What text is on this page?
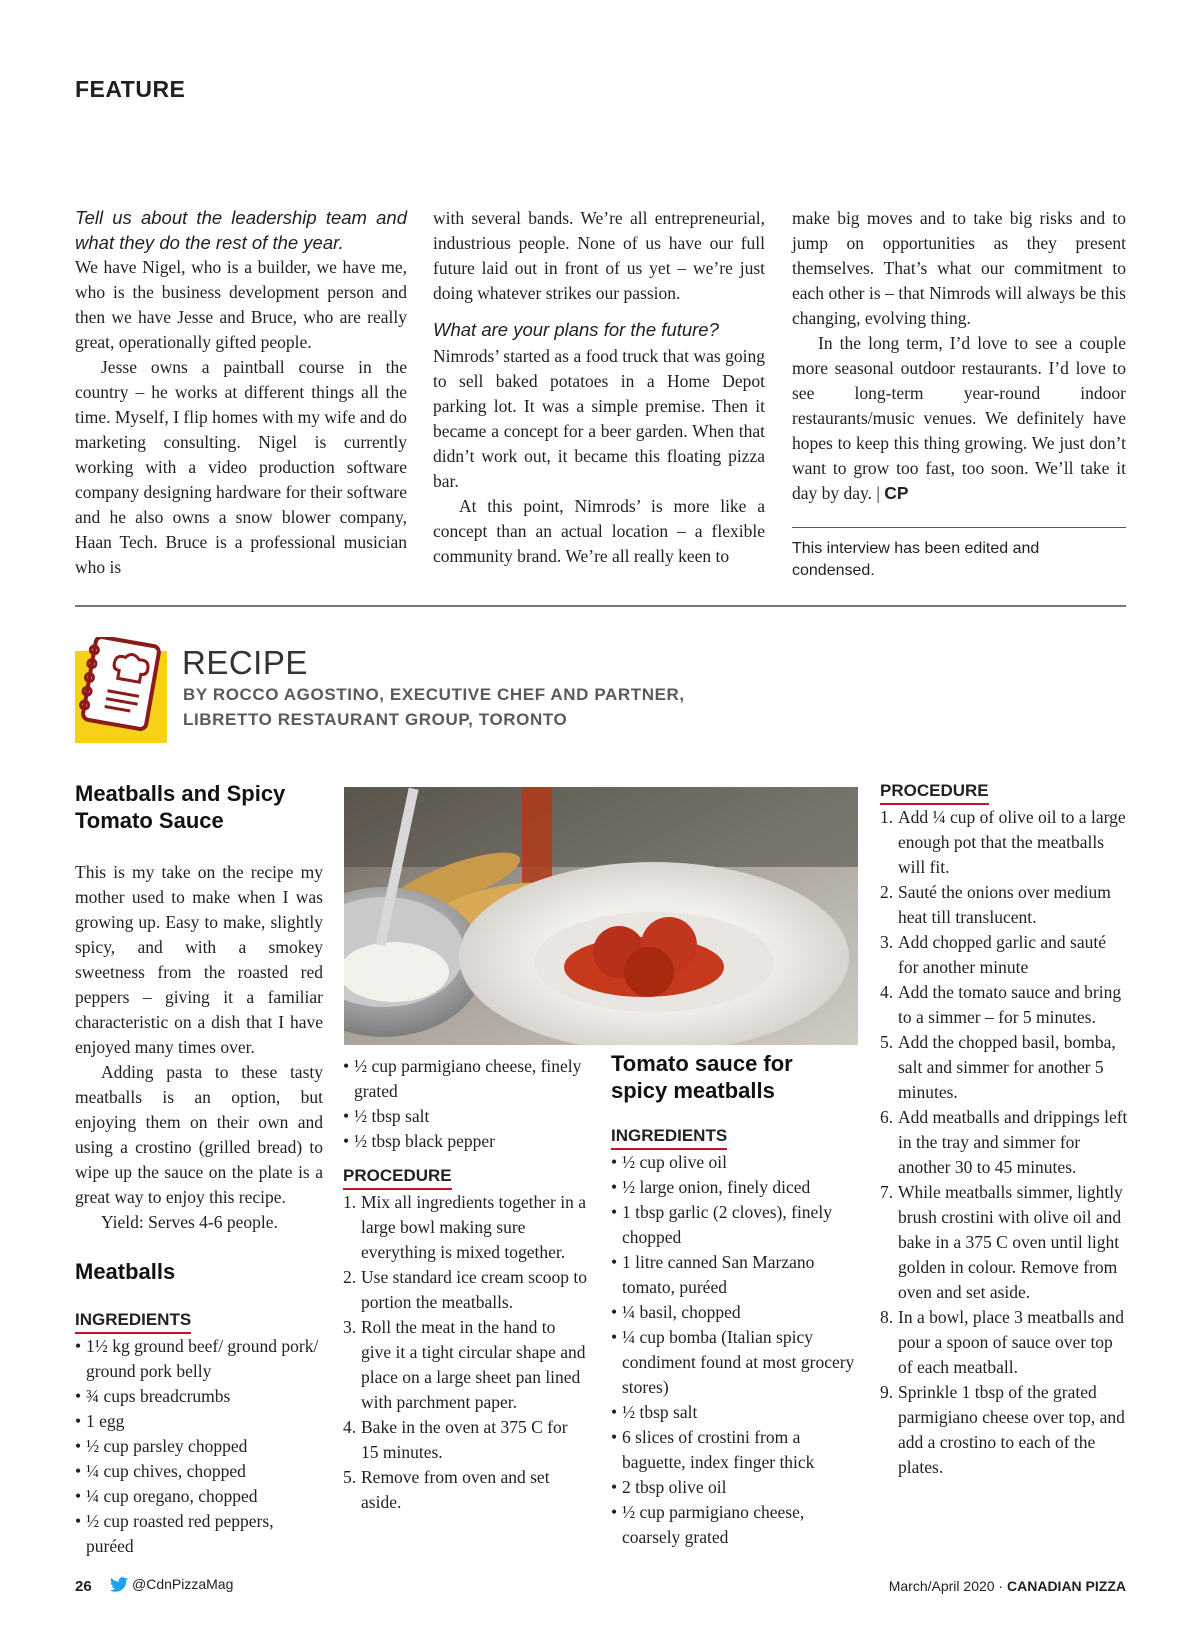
FEATURE

Tell us about the leadership team and what they do the rest of the year.

We have Nigel, who is a builder, we have me, who is the business development person and then we have Jesse and Bruce, who are really great, operationally gifted people.

Jesse owns a paintball course in the country – he works at different things all the time. Myself, I flip homes with my wife and do marketing consulting. Nigel is currently working with a video production software company designing hardware for their software and he also owns a snow blower company, Haan Tech. Bruce is a professional musician who is

with several bands. We’re all entrepreneurial, industrious people. None of us have our full future laid out in front of us yet – we’re just doing whatever strikes our passion.

What are your plans for the future?

Nimrods’ started as a food truck that was going to sell baked potatoes in a Home Depot parking lot. It was a simple premise. Then it became a concept for a beer garden. When that didn’t work out, it became this floating pizza bar.

At this point, Nimrods’ is more like a concept than an actual location – a flexible community brand. We’re all really keen to

make big moves and to take big risks and to jump on opportunities as they present themselves. That’s what our commitment to each other is – that Nimrods will always be this changing, evolving thing.

In the long term, I’d love to see a couple more seasonal outdoor restaurants. I’d love to see long-term year-round indoor restaurants/music venues. We definitely have hopes to keep this thing growing. We just don’t want to grow too fast, too soon. We’ll take it day by day. | CP

This interview has been edited and condensed.
RECIPE
BY ROCCO AGOSTINO, EXECUTIVE CHEF AND PARTNER,
LIBRETTO RESTAURANT GROUP, TORONTO
Meatballs and Spicy
Tomato Sauce

This is my take on the recipe my mother used to make when I was growing up. Easy to make, slightly spicy, and with a smokey sweetness from the roasted red peppers – giving it a familiar characteristic on a dish that I have enjoyed many times over.

Adding pasta to these tasty meatballs is an option, but enjoying them on their own and using a crostino (grilled bread) to wipe up the sauce on the plate is a great way to enjoy this recipe.

Yield: Serves 4-6 people.

Meatballs
INGREDIENTS
• 1½ kg ground beef/ ground pork/ ground pork belly
• ¾ cups breadcrumbs
• 1 egg
• ½ cup parsley chopped
• ¼ cup chives, chopped
• ¼ cup oregano, chopped
• ½ cup roasted red peppers, puréed
• ½ cup parmigiano cheese, finely grated
• ½ tbsp salt
• ½ tbsp black pepper
PROCEDURE
1. Mix all ingredients together in a large bowl making sure everything is mixed together.
2. Use standard ice cream scoop to portion the meatballs.
3. Roll the meat in the hand to give it a tight circular shape and place on a large sheet pan lined with parchment paper.
4. Bake in the oven at 375 C for 15 minutes.
5. Remove from oven and set aside.
Tomato sauce for
spicy meatballs
INGREDIENTS
• ½ cup olive oil
• ½ large onion, finely diced
• 1 tbsp garlic (2 cloves), finely chopped
• 1 litre canned San Marzano tomato, puréed
• ¼ basil, chopped
• ¼ cup bomba (Italian spicy condiment found at most grocery stores)
• ½ tbsp salt
• 6 slices of crostini from a baguette, index finger thick
• 2 tbsp olive oil
• ½ cup parmigiano cheese, coarsely grated
PROCEDURE
1. Add ¼ cup of olive oil to a large enough pot that the meatballs will fit.
2. Sauté the onions over medium heat till translucent.
3. Add chopped garlic and sauté for another minute
4. Add the tomato sauce and bring to a simmer – for 5 minutes.
5. Add the chopped basil, bomba, salt and simmer for another 5 minutes.
6. Add meatballs and drippings left in the tray and simmer for another 30 to 45 minutes.
7. While meatballs simmer, lightly brush crostini with olive oil and bake in a 375 C oven until light golden in colour. Remove from oven and set aside.
8. In a bowl, place 3 meatballs and pour a spoon of sauce over top of each meatball.
9. Sprinkle 1 tbsp of the grated parmigiano cheese over top, and add a crostino to each of the plates.
26	@CdnPizzaMag	March/April 2020 · CANADIAN PIZZA
